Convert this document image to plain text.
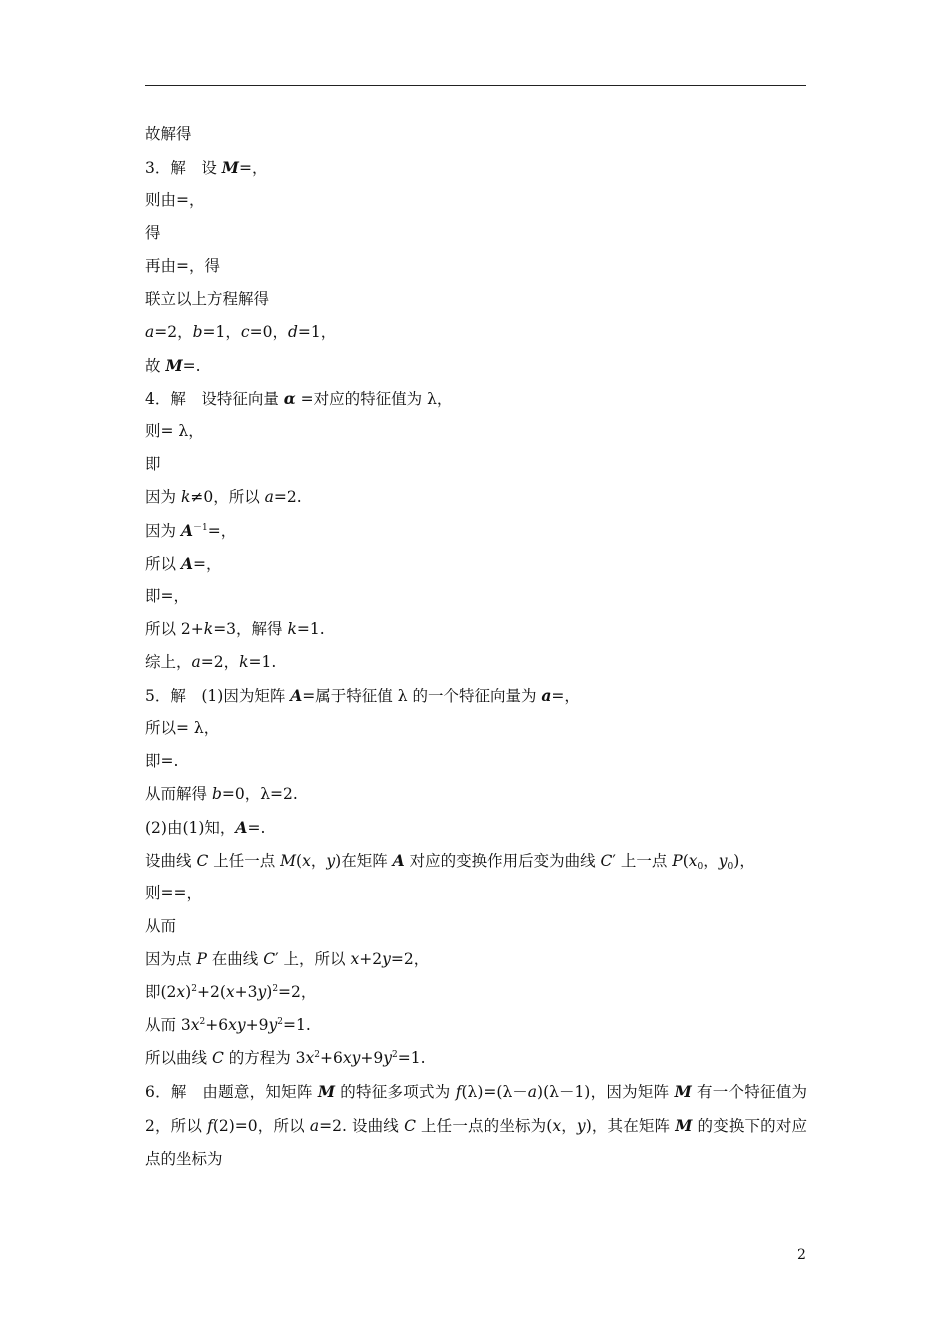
故解得
3．解　设 M=，
则由=，
得
再由=，得
联立以上方程解得
a=2，b=1，c=0，d=1，
故 M=.
4．解　设特征向量 α =对应的特征值为 λ，
则= λ，
即
因为 k≠0，所以 a=2.
因为 $A^{-1}=$，
所以 A=，
即=，
所以 2+k=3，解得 k=1.
综上，a=2，k=1.
5．解　(1)因为矩阵 A=属于特征值 λ 的一个特征向量为 a=，
所以= λ，
即=.
从而解得 b=0，λ=2.
(2)由(1)知，A=.
设曲线 C 上任一点 M(x，y)在矩阵 A 对应的变换作用后变为曲线 C′ 上一点 $P(x_0$，$y_0$)，
则==，
从而
因为点 P 在曲线 C′ 上，所以 x+2y=2，
即$(2x)^2+2(x+3y)^2=2$，
从而 $3x^2+6xy+9y^2=1$.
所以曲线 C 的方程为 $3x^2+6xy+9y^2=1$.
6．解　由题意，知矩阵 M 的特征多项式为 f(λ)=(λ－a)(λ－1)，因为矩阵 M 有一个特征值为 2，所以 f(2)=0，所以 a=2. 设曲线 C 上任一点的坐标为(x，y)，其在矩阵 M 的变换下的对应点的坐标为
2
